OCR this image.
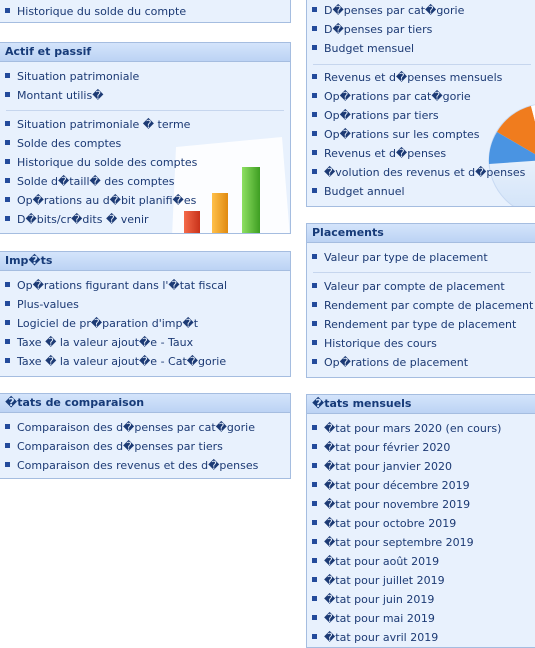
Historique du solde du compte
Actif et passif
Situation patrimoniale
Montant utilis�
Situation patrimoniale � terme
Solde des comptes
Historique du solde des comptes
Solde d�taill� des comptes
Op�rations au d�bit planifi�es
D�bits/cr�dits � venir
Imp�ts
Op�rations figurant dans l'�tat fiscal
Plus-values
Logiciel de pr�paration d'imp�t
Taxe � la valeur ajout�e - Taux
Taxe � la valeur ajout�e - Cat�gorie
�tats de comparaison
Comparaison des d�penses par cat�gorie
Comparaison des d�penses par tiers
Comparaison des revenus et des d�penses
D�penses par cat�gorie
D�penses par tiers
Budget mensuel
Revenus et d�penses mensuels
Op�rations par cat�gorie
Op�rations par tiers
Op�rations sur les comptes
Revenus et d�penses
�volution des revenus et d�penses
Budget annuel
Placements
Valeur par type de placement
Valeur par compte de placement
Rendement par compte de placement
Rendement par type de placement
Historique des cours
Op�rations de placement
�tats mensuels
�tat pour mars 2020 (en cours)
�tat pour février 2020
�tat pour janvier 2020
�tat pour décembre 2019
�tat pour novembre 2019
�tat pour octobre 2019
�tat pour septembre 2019
�tat pour août 2019
�tat pour juillet 2019
�tat pour juin 2019
�tat pour mai 2019
�tat pour avril 2019
